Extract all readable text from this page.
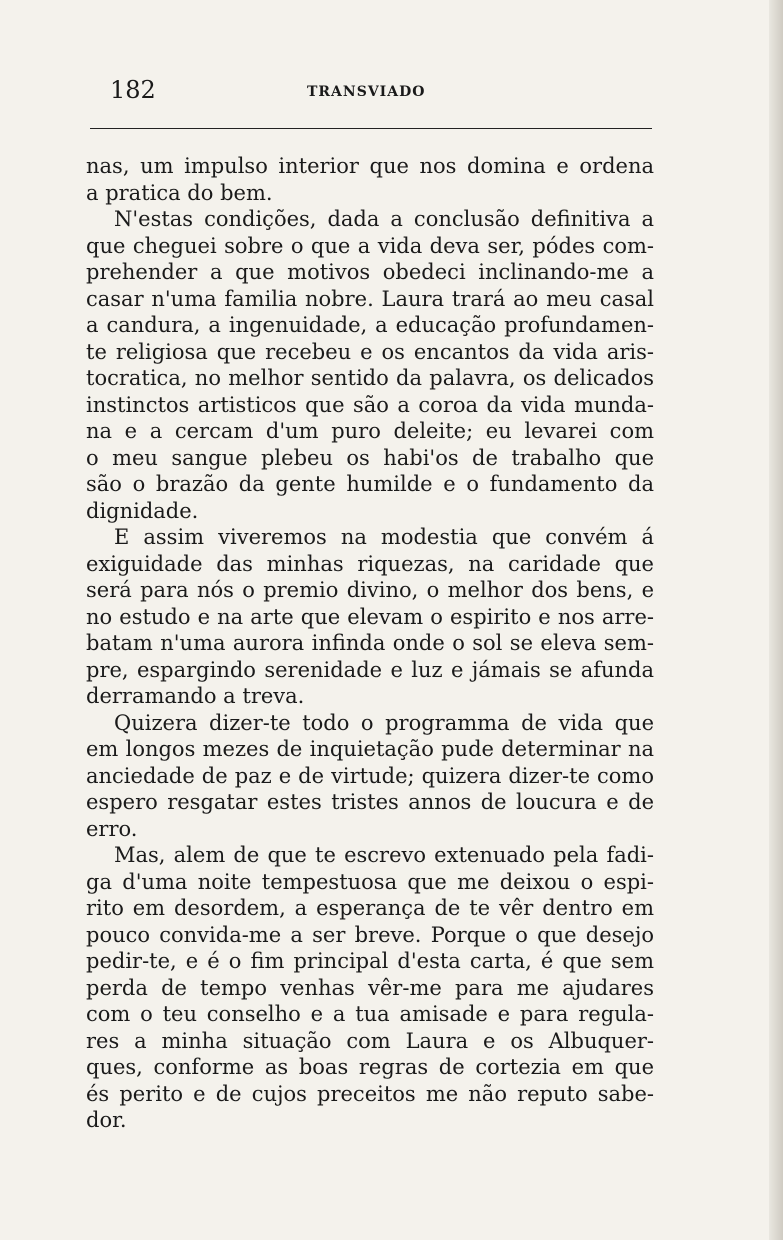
182	TRANSVIADO
nas, um impulso interior que nos domina e ordena
a pratica do bem.
N'estas condições, dada a conclusão definitiva a
que cheguei sobre o que a vida deva ser, pódes com-
prehender a que motivos obedeci inclinando-me a
casar n'uma familia nobre. Laura trará ao meu casal
a candura, a ingenuidade, a educação profundamen-
te religiosa que recebeu e os encantos da vida aris-
tocratica, no melhor sentido da palavra, os delicados
instinctos artisticos que são a coroa da vida munda-
na e a cercam d'um puro deleite; eu levarei com
o meu sangue plebeu os habi'os de trabalho que
são o brazão da gente humilde e o fundamento da
dignidade.
E assim viveremos na modestia que convém á
exiguidade das minhas riquezas, na caridade que
será para nós o premio divino, o melhor dos bens, e
no estudo e na arte que elevam o espirito e nos arre-
batam n'uma aurora infinda onde o sol se eleva sem-
pre, espargindo serenidade e luz e jámais se afunda
derramando a treva.
Quizera dizer-te todo o programma de vida que
em longos mezes de inquietação pude determinar na
anciedade de paz e de virtude; quizera dizer-te como
espero resgatar estes tristes annos de loucura e de
erro.
Mas, alem de que te escrevo extenuado pela fadi-
ga d'uma noite tempestuosa que me deixou o espi-
rito em desordem, a esperança de te vêr dentro em
pouco convida-me a ser breve. Porque o que desejo
pedir-te, e é o fim principal d'esta carta, é que sem
perda de tempo venhas vêr-me para me ajudares
com o teu conselho e a tua amisade e para regula-
res a minha situação com Laura e os Albuquer-
ques, conforme as boas regras de cortezia em que
és perito e de cujos preceitos me não reputo sabe-
dor.
